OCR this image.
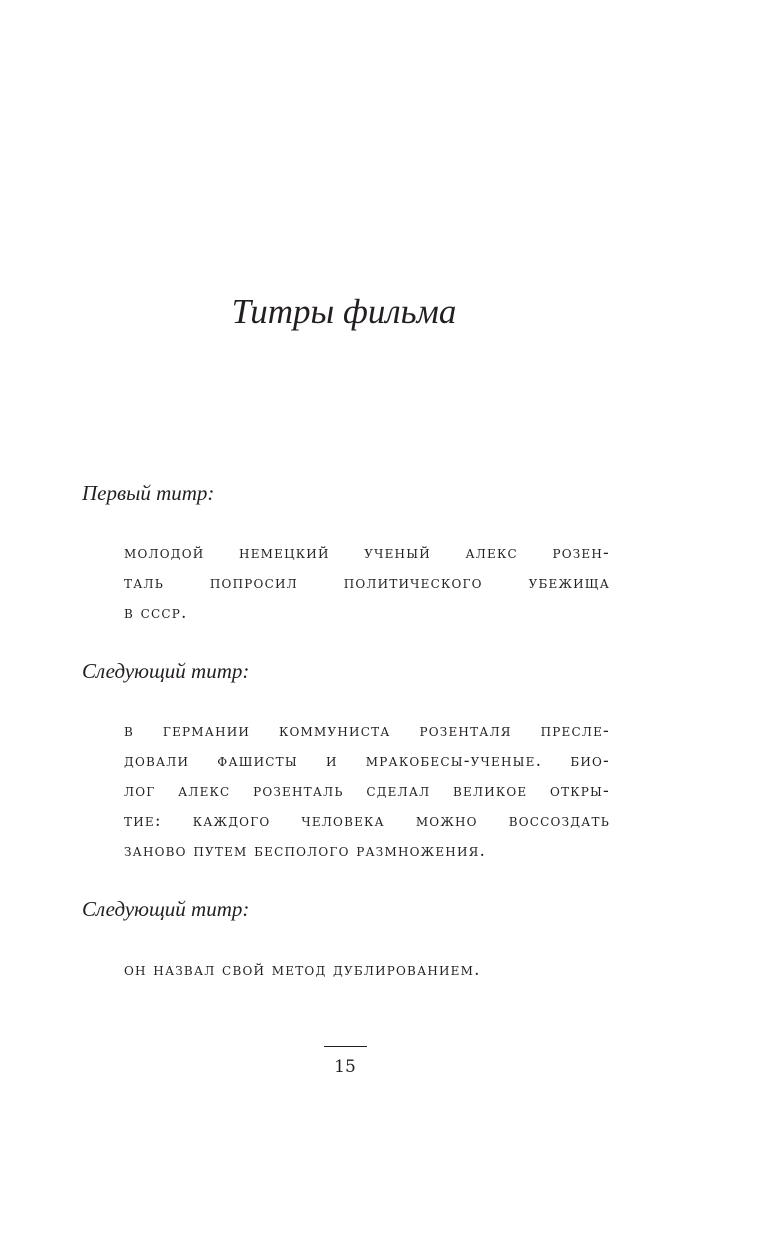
Титры фильма

Первый титр:

молодой немецкий ученый алекс розен-
таль попросил политического убежища
в ссср.

Следующий титр:

в германии коммуниста розенталя пресле-
довали фашисты и мракобесы-ученые. био-
лог алекс розенталь сделал великое откры-
тие: каждого человека можно воссоздать
заново путем бесполого размножения.

Следующий титр:

он назвал свой метод дублированием.

15
